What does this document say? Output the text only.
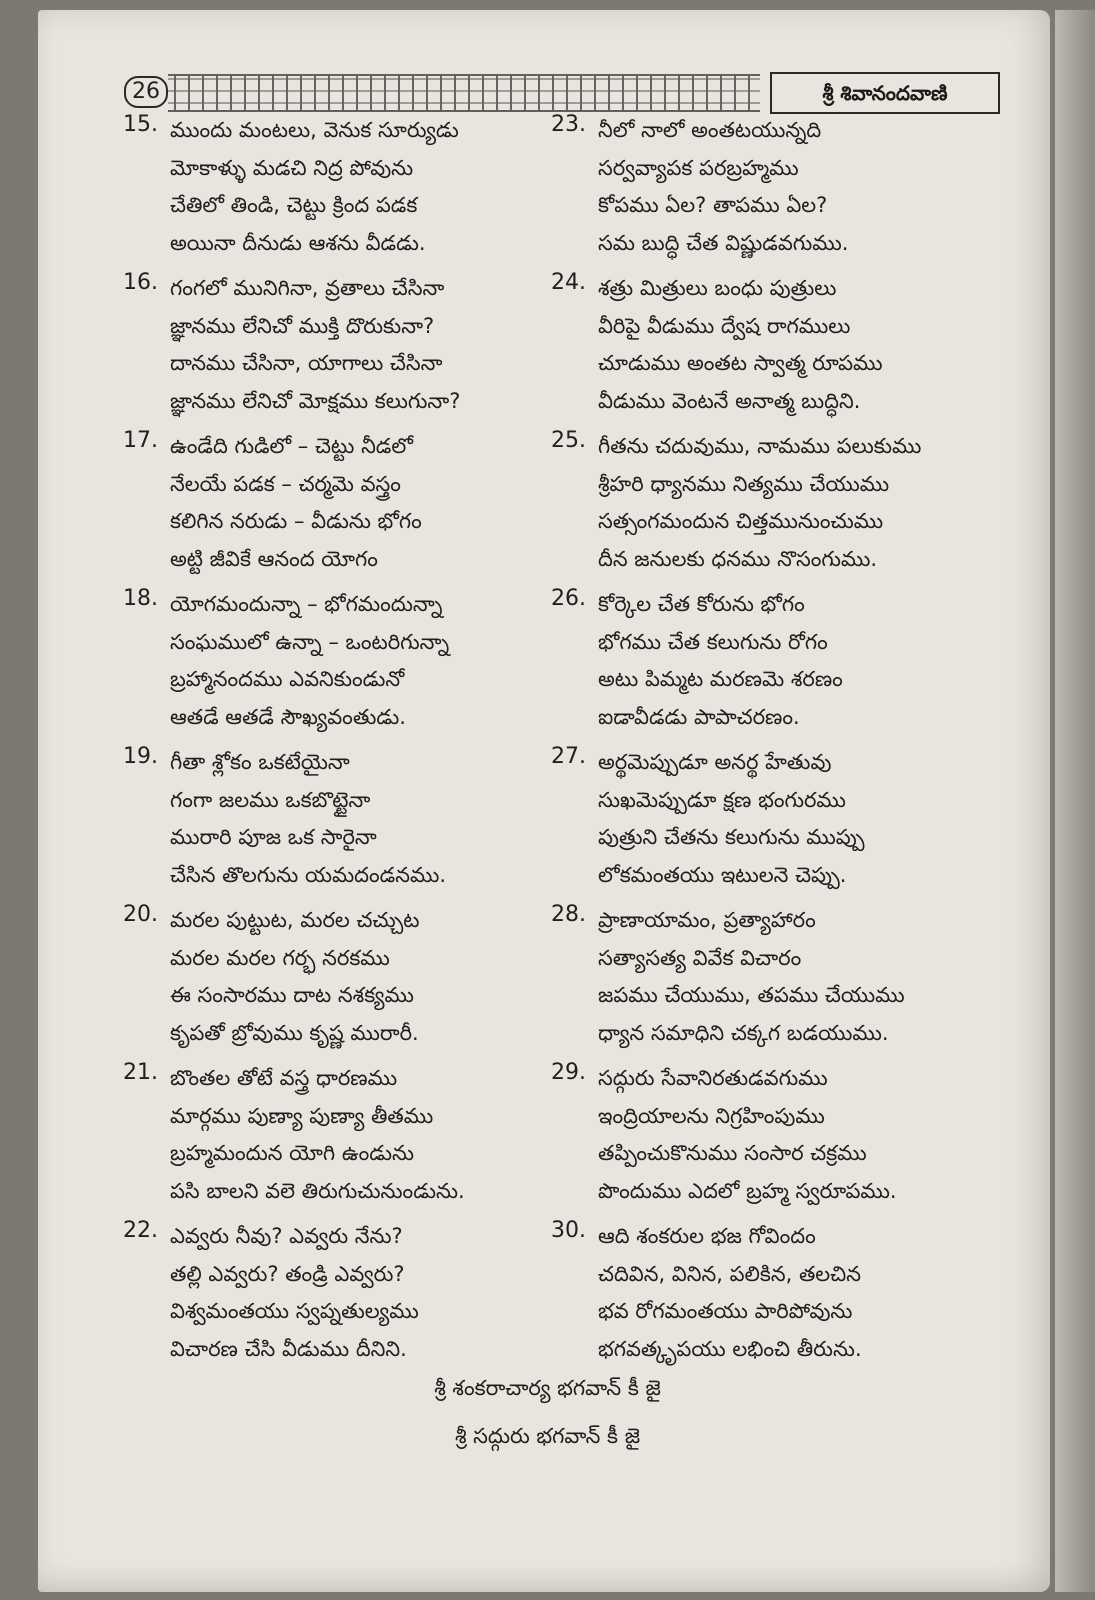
26	శ్రీ శివానందవాణి
15. ముందు మంటలు, వెనుక సూర్యుడు
మోకాళ్ళు మడచి నిద్ర పోవును
చేతిలో తిండి, చెట్టు క్రింద పడక
అయినా దీనుడు ఆశను వీడడు.
16. గంగలో మునిగినా, వ్రతాలు చేసినా
జ్ఞానము లేనిచో ముక్తి దొరుకునా?
దానము చేసినా, యాగాలు చేసినా
జ్ఞానము లేనిచో మోక్షము కలుగునా?
17. ఉండేది గుడిలో – చెట్టు నీడలో
నేలయే పడక – చర్మమె వస్త్రం
కలిగిన నరుడు – వీడును భోగం
అట్టి జీవికే ఆనంద యోగం
18. యోగమందున్నా – భోగమందున్నా
సంఘములో ఉన్నా – ఒంటరిగున్నా
బ్రహ్మానందము ఎవనికుండునో
ఆతడే ఆతడే సౌఖ్యవంతుడు.
19. గీతా శ్లోకం ఒకటేయైనా
గంగా జలము ఒకబొట్టైనా
మురారి పూజ ఒక సారైనా
చేసిన తొలగును యమదండనము.
20. మరల పుట్టుట, మరల చచ్చుట
మరల మరల గర్భ నరకము
ఈ సంసారము దాట నశక్యము
కృపతో బ్రోవుము కృష్ణ మురారీ.
21. బొంతల తోటే వస్త్ర ధారణము
మార్గము పుణ్యా పుణ్యా తీతము
బ్రహ్మమందున యోగి ఉండును
పసి బాలని వలె తిరుగుచునుండును.
22. ఎవ్వరు నీవు? ఎవ్వరు నేను?
తల్లి ఎవ్వరు? తండ్రి ఎవ్వరు?
విశ్వమంతయు స్వప్నతుల్యము
విచారణ చేసి వీడుము దీనిని.
23. నీలో నాలో అంతటయున్నది
సర్వవ్యాపక పరబ్రహ్మము
కోపము ఏల? తాపము ఏల?
సమ బుద్ధి చేత విష్ణుడవగుము.
24. శత్రు మిత్రులు బంధు పుత్రులు
వీరిపై వీడుము ద్వేష రాగములు
చూడుము అంతట స్వాత్మ రూపము
వీడుము వెంటనే అనాత్మ బుద్ధిని.
25. గీతను చదువుము, నామము పలుకుము
శ్రీహరి ధ్యానము నిత్యము చేయుము
సత్సంగమందున చిత్తమునుంచుము
దీన జనులకు ధనము నొసంగుము.
26. కోర్కెల చేత కోరును భోగం
భోగము చేత కలుగును రోగం
అటు పిమ్మట మరణమె శరణం
ఐడావీడడు పాపాచరణం.
27. అర్థమెప్పుడూ అనర్థ హేతువు
సుఖమెప్పుడూ క్షణ భంగురము
పుత్రుని చేతను కలుగును ముప్పు
లోకమంతయు ఇటులనె చెప్పు.
28. ప్రాణాయామం, ప్రత్యాహారం
సత్యాసత్య వివేక విచారం
జపము చేయుము, తపము చేయుము
ధ్యాన సమాధిని చక్కగ బడయుము.
29. సద్గురు సేవానిరతుడవగుము
ఇంద్రియాలను నిగ్రహింపుము
తప్పించుకొనుము సంసార చక్రము
పొందుము ఎదలో బ్రహ్మ స్వరూపము.
30. ఆది శంకరుల భజ గోవిందం
చదివిన, వినిన, పలికిన, తలచిన
భవ రోగమంతయు పారిపోవును
భగవత్కృపయు లభించి తీరును.
శ్రీ శంకరాచార్య భగవాన్ కీ జై
శ్రీ సద్గురు భగవాన్ కీ జై
